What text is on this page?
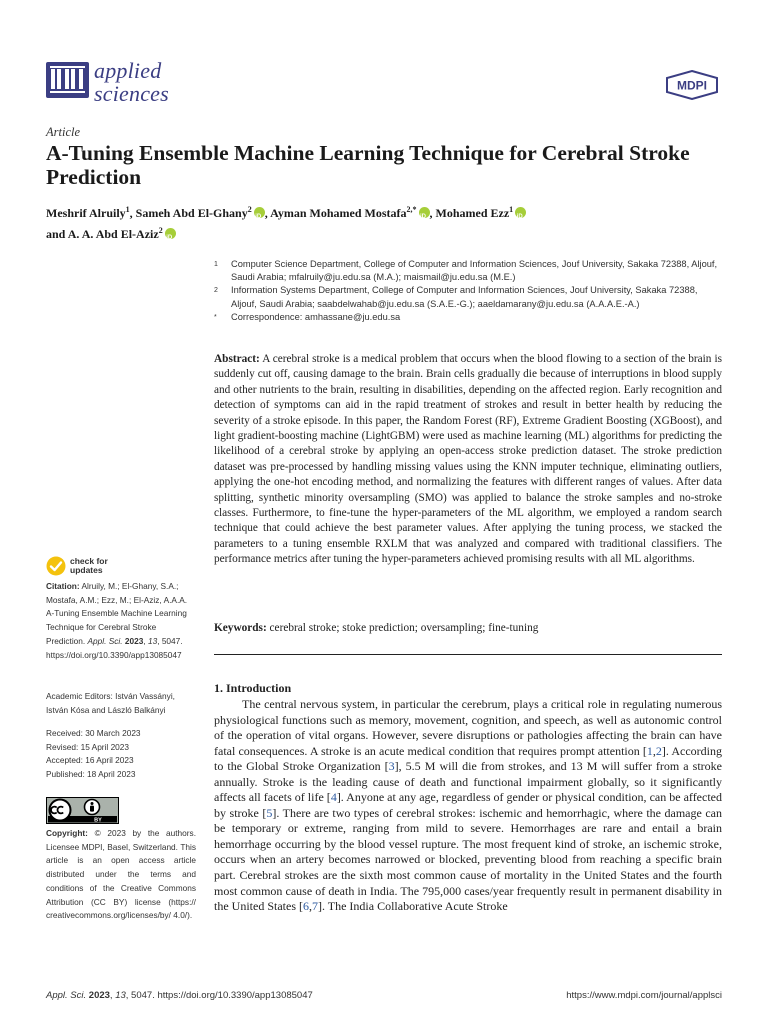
applied
sciences	MDPI
Article
A-Tuning Ensemble Machine Learning Technique for Cerebral Stroke Prediction
Meshrif Alruily$^1$, Sameh Abd El-Ghany$^2$ iD , Ayman Mohamed Mostafa$^{2,*}$ iD , Mohamed Ezz$^1$iD
and A. A. Abd El-Aziz$^2$iD
1	Computer Science Department, College of Computer and Information Sciences, Jouf University, Sakaka 72388, Aljouf, Saudi Arabia; mfalruily@ju.edu.sa (M.A.); maismail@ju.edu.sa (M.E.)
2	Information Systems Department, College of Computer and Information Sciences, Jouf University, Sakaka 72388, Aljouf, Saudi Arabia; saabdelwahab@ju.edu.sa (S.A.E.-G.); aaeldamarany@ju.edu.sa (A.A.A.E.-A.)
*	Correspondence: amhassane@ju.edu.sa

Abstract: A cerebral stroke is a medical problem that occurs when the blood flowing to a section of the brain is suddenly cut off, causing damage to the brain. Brain cells gradually die because of interruptions in blood supply and other nutrients to the brain, resulting in disabilities, depending on the affected region. Early recognition and detection of symptoms can aid in the rapid treatment of strokes and result in better health by reducing the severity of a stroke episode. In this paper, the Random Forest (RF), Extreme Gradient Boosting (XGBoost), and light gradient-boosting machine (LightGBM) were used as machine learning (ML) algorithms for predicting the likelihood of a cerebral stroke by applying an open-access stroke prediction dataset. The stroke prediction dataset was pre-processed by handling missing values using the KNN imputer technique, eliminating outliers, applying the one-hot encoding method, and normalizing the features with different ranges of values. After data splitting, synthetic minority oversampling (SMO) was applied to balance the stroke samples and no-stroke classes. Furthermore, to fine-tune the hyper-parameters of the ML algorithm, we employed a random search technique that could achieve the best parameter values. After applying the tuning process, we stacked the parameters to a tuning ensemble RXLM that was analyzed and compared with traditional classifiers. The performance metrics after tuning the hyper-parameters achieved promising results with all ML algorithms.

Keywords: cerebral stroke; stoke prediction; oversampling; fine-tuning

1. Introduction

The central nervous system, in particular the cerebrum, plays a critical role in regulating numerous physiological functions such as memory, movement, cognition, and speech, as well as autonomic control of the operation of vital organs. However, severe disruptions or pathologies affecting the brain can have fatal consequences. A stroke is an acute medical condition that requires prompt attention [1,2]. According to the Global Stroke Organization [3], 5.5 M will die from strokes, and 13 M will suffer from a stroke annually. Stroke is the leading cause of death and functional impairment globally, so it significantly affects all facets of life [4]. Anyone at any age, regardless of gender or physical condition, can be affected by stroke [5]. There are two types of cerebral strokes: ischemic and hemorrhagic, where the damage can be temporary or extreme, ranging from mild to severe. Hemorrhages are rare and entail a brain hemorrhage occurring by the blood vessel rupture. The most frequent kind of stroke, an ischemic stroke, occurs when an artery becomes narrowed or blocked, preventing blood from reaching a specific brain part. Cerebral strokes are the sixth most common cause of mortality in the United States and the fourth most common cause of death in India. The 795,000 cases/year frequently result in permanent disability in the United States [6,7]. The India Collaborative Acute Stroke

check for
updates
Citation: Alruily, M.; El-Ghany, S.A.; Mostafa, A.M.; Ezz, M.; El-Aziz, A.A.A. A-Tuning Ensemble Machine Learning Technique for Cerebral Stroke Prediction. Appl. Sci. 2023, 13, 5047. https://doi.org/10.3390/app13085047
Academic Editors: István Vassányi, István Kósa and László Balkányi
Received: 30 March 2023
Revised: 15 April 2023
Accepted: 16 April 2023
Published: 18 April 2023
BY
Copyright: © 2023 by the authors. Licensee MDPI, Basel, Switzerland. This article is an open access article distributed under the terms and conditions of the Creative Commons Attribution (CC BY) license (https:// creativecommons.org/licenses/by/ 4.0/).
Appl. Sci. 2023, 13, 5047. https://doi.org/10.3390/app13085047	https://www.mdpi.com/journal/applsci
